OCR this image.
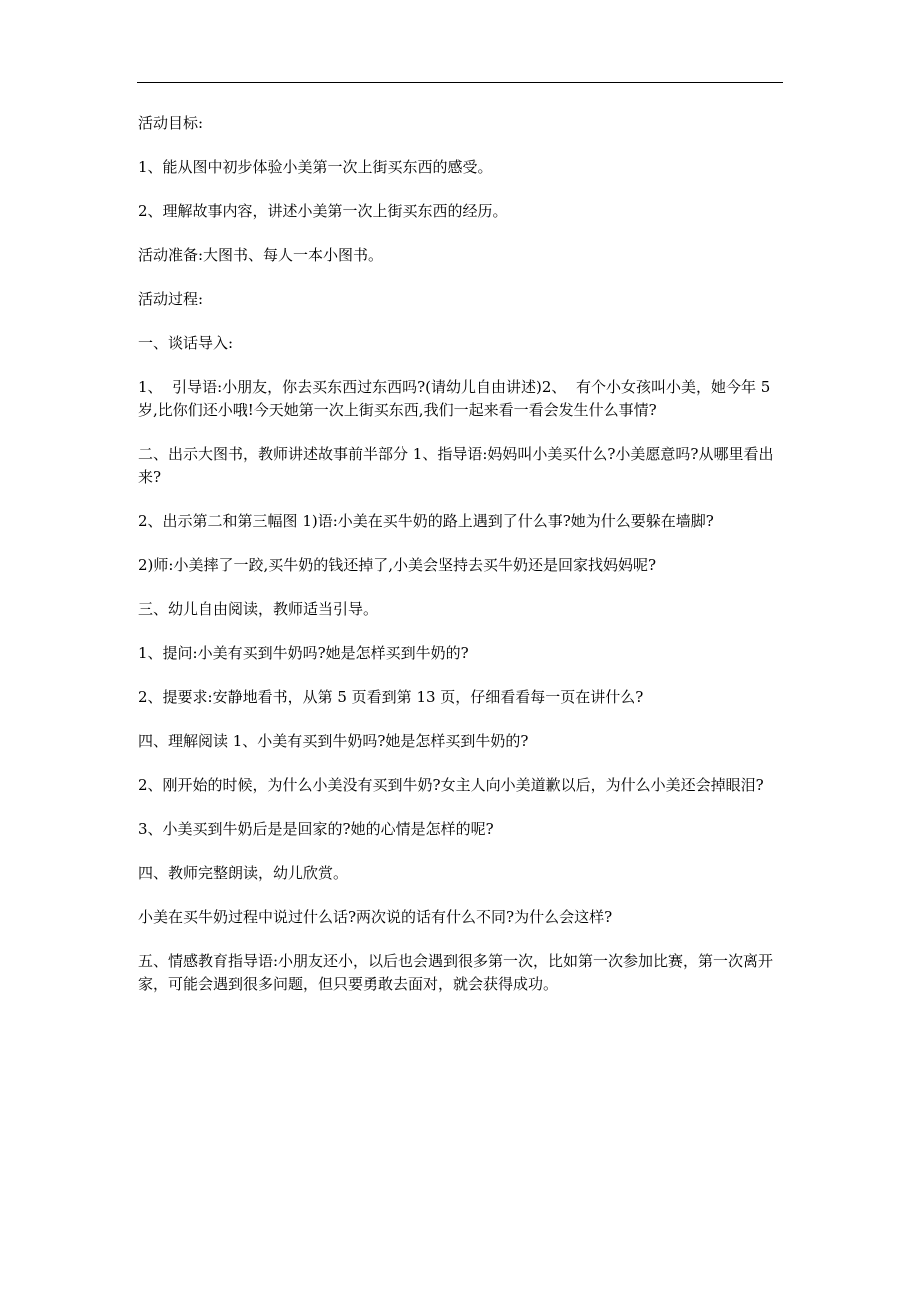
活动目标:

1、能从图中初步体验小美第一次上街买东西的感受。

2、理解故事内容，讲述小美第一次上街买东西的经历。

活动准备:大图书、每人一本小图书。

活动过程:

一、谈话导入:

1、  引导语:小朋友，你去买东西过东西吗?(请幼儿自由讲述)2、  有个小女孩叫小美，她今年 5 岁,比你们还小哦!今天她第一次上街买东西,我们一起来看一看会发生什么事情?

二、出示大图书，教师讲述故事前半部分 1、指导语:妈妈叫小美买什么?小美愿意吗?从哪里看出来?

2、出示第二和第三幅图 1)语:小美在买牛奶的路上遇到了什么事?她为什么要躲在墙脚?

2)师:小美摔了一跤,买牛奶的钱还掉了,小美会坚持去买牛奶还是回家找妈妈呢?

三、幼儿自由阅读，教师适当引导。

1、提问:小美有买到牛奶吗?她是怎样买到牛奶的?

2、提要求:安静地看书，从第 5 页看到第 13 页，仔细看看每一页在讲什么?

四、理解阅读 1、小美有买到牛奶吗?她是怎样买到牛奶的?

2、刚开始的时候，为什么小美没有买到牛奶?女主人向小美道歉以后，为什么小美还会掉眼泪?

3、小美买到牛奶后是是回家的?她的心情是怎样的呢?

四、教师完整朗读，幼儿欣赏。

小美在买牛奶过程中说过什么话?两次说的话有什么不同?为什么会这样?

五、情感教育指导语:小朋友还小，以后也会遇到很多第一次，比如第一次参加比赛，第一次离开家，可能会遇到很多问题，但只要勇敢去面对，就会获得成功。
